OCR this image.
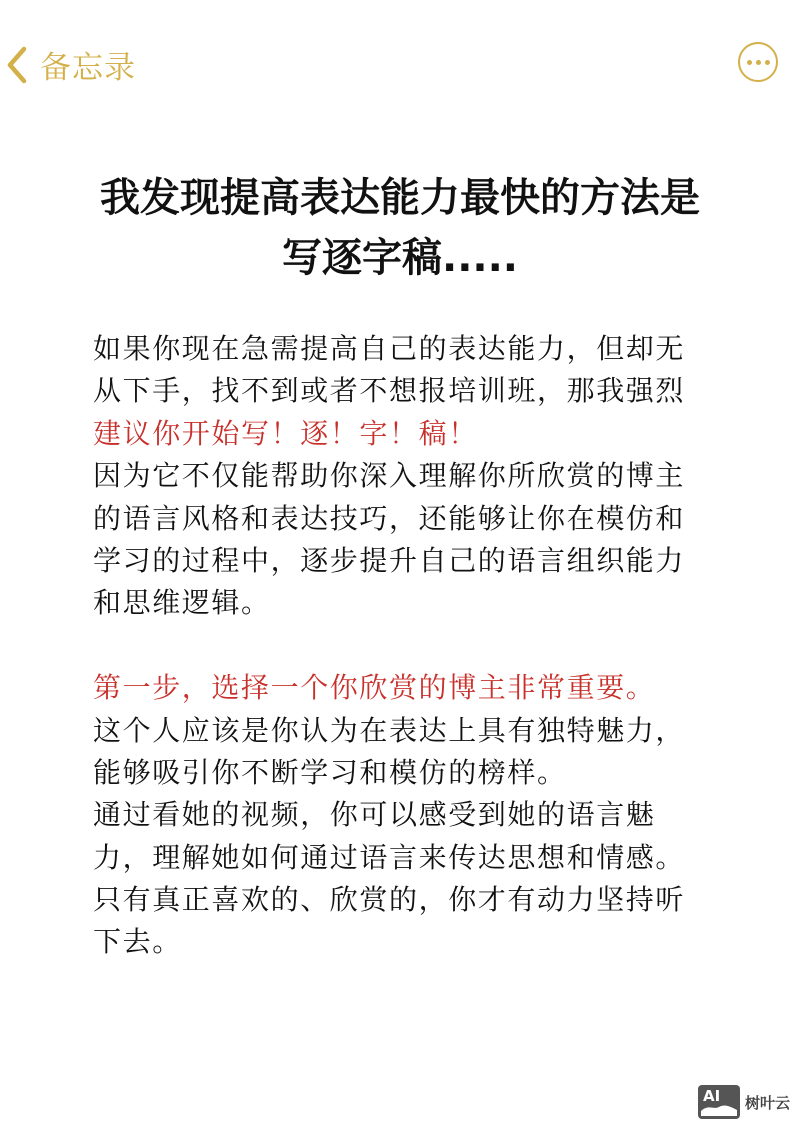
备忘录
我发现提高表达能力最快的方法是
写逐字稿.....
如果你现在急需提高自己的表达能力，但却无
从下手，找不到或者不想报培训班，那我强烈
建议你开始写！逐！字！稿！
因为它不仅能帮助你深入理解你所欣赏的博主
的语言风格和表达技巧，还能够让你在模仿和
学习的过程中，逐步提升自己的语言组织能力
和思维逻辑。
第一步，选择一个你欣赏的博主非常重要。
这个人应该是你认为在表达上具有独特魅力，
能够吸引你不断学习和模仿的榜样。
通过看她的视频，你可以感受到她的语言魅
力，理解她如何通过语言来传达思想和情感。
只有真正喜欢的、欣赏的，你才有动力坚持听
下去。
AI 树叶云
